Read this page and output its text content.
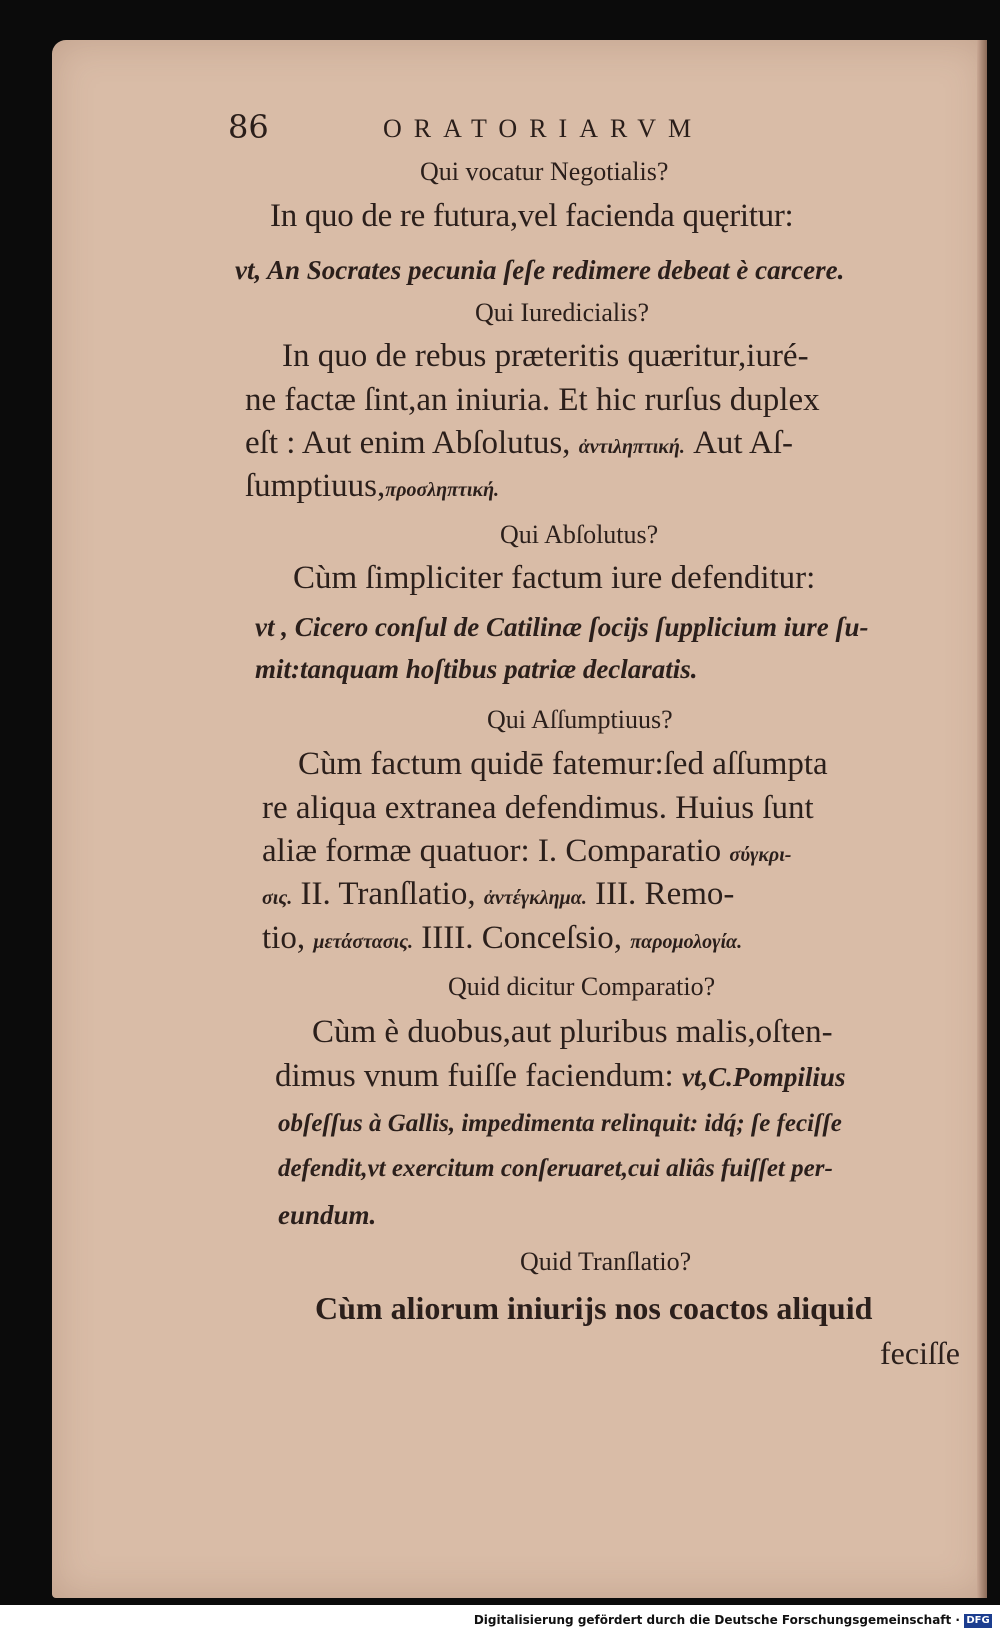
86	ORATORIARVM
Qui vocatur Negotialis?
In quo de re futura,vel facienda quęritur:
vt, An Socrates pecunia ſeſe redimere debeat è carcere.
Qui Iuredicialis?
In quo de rebus præteritis quæritur,iuré-
ne factæ ſint,an iniuria. Et hic rurſus duplex
eſt : Aut enim Abſolutus, ἀντιληπτική. Aut Aſ-
ſumptiuus,προσληπτική.
Qui Abſolutus?
Cùm ſimpliciter factum iure defenditur:
vt , Cicero conſul de Catilinæ ſocijs ſupplicium iure ſu-
mit:tanquam hoſtibus patriæ declaratis.
Qui Aſſumptiuus?
Cùm factum quidē fatemur:ſed aſſumpta
re aliqua extranea defendimus. Huius ſunt
aliæ formæ quatuor: I. Comparatio σύγκρι-
σις. II. Tranſlatio, ἀντέγκλημα. III. Remo-
tio, μετάστασις. IIII. Conceſsio, παρομολογία.
Quid dicitur Comparatio?
Cùm è duobus,aut pluribus malis,oſten-
dimus vnum fuiſſe faciendum: vt,C.Pompilius
obſeſſus à Gallis, impedimenta relinquit: idq́; ſe feciſſe
defendit,vt exercitum conſeruaret,cui aliâs fuiſſet per-
eundum.
Quid Tranſlatio?
Cùm aliorum iniurijs nos coactos aliquid
feciſſe
Digitalisierung gefördert durch die Deutsche Forschungsgemeinschaft · DFG
